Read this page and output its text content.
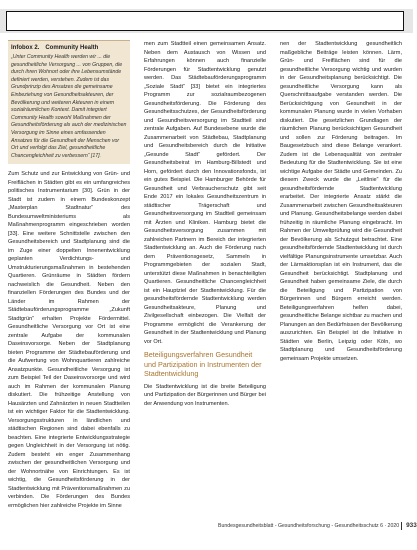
Infobox 2. Community Health

„Unter Community Health werden wir ... die gesundheitliche Versorgung ... von Gruppen, die durch ihren Wohnort oder ihre Lebensumstände definiert werden, verstehen. Zudem ist das Grundprinzip des Ansatzes die gemeinsame Einbeziehung von Gesundheitsakteuren, der Bevölkerung und weiteren Akteuren in einem sozialräumlichen Kontext. Damit integriert Community Health sowohl Maßnahmen der Gesundheitsförderung als auch der medizinischen Versorgung im Sinne eines umfassenden Ansatzes für die Gesundheit der Menschen vor Ort und verfolgt das Ziel, gesundheitliche Chancengleichheit zu verbessern“ [17].

Zum Schutz und zur Entwicklung von Grün- und Freiflächen in Städten gibt es ein umfangreiches politisches Instrumentarium [30]. Grün in der Stadt ist zudem in einem Bundeskonzept „Masterplan Stadtnatur“ des Bundesumweltministeriums als Maßnahmenprogramm eingeschrieben worden [33]. Eine weitere Schnittstelle zwischen den Gesundheitsbereich und Stadtplanung sind die im Zuge einer doppelten Innenentwicklung geplanten Verdichtungs- und Umstrukturierungsmaßnahmen in bestehenden Quartieren. Grünräume in Städten fördern nachweislich die Gesundheit. Neben den finanziellen Förderungen des Bundes und der Länder im Rahmen der Städtebauförderungsprogramme „Zukunft Stadtgrün“ erhalten Projekte Fördermittel. Gesundheitliche Versorgung vor Ort ist eine zentrale Aufgabe der kommunalen Daseinsvorsorge. Neben der Stadtplanung bieten Programme der Städtebauförderung und die Aufwertung von Wohnquartieren zahlreiche Ansatzpunkte. Gesundheitliche Versorgung ist zum Beispiel Teil der Daseinsvorsorge und wird auch im Rahmen der kommunalen Planung diskutiert. Die frühzeitige Anstellung von Hausärzten und Zahnärzten in neuen Stadtteilen ist ein wichtiger Faktor für die Stadtentwicklung. Versorgungsstrukturen in ländlichen und städtischen Regionen sind dabei ebenfalls zu beachten. Eine integrierte Entwicklungsstrategie gegen Ungleichheit in der Versorgung ist nötig. Zudem besteht ein enger Zusammenhang zwischen der gesundheitlichen Versorgung und der Wohnortnähe von Einrichtungen. Es ist wichtig, die Gesundheitsförderung in der Stadtentwicklung mit Präventionsmaßnahmen zu verbinden. Die Förderungen des Bundes ermöglichen hier zahlreiche Projekte im Sinne

men zum Stadtteil einen gemeinsamen Ansatz. Neben dem Austausch von Wissen und Erfahrungen können auch finanzielle Förderungen für Stadtentwicklung genutzt werden. Das Städtebauförderungsprogramm „Soziale Stadt“ [33] bietet ein integriertes Programm zur sozialraumbezogenen Gesundheitsförderung. Die Förderung des Gesundheitsschutzes, der Gesundheitsförderung und Gesundheitsversorgung im Stadtteil sind zentrale Aufgaben. Auf Bundesebene wurde die Zusammenarbeit von Städtebau, Stadtplanung und Gesundheitsbereich durch die Initiative „Gesunde Stadt“ gefördert. Der Gesundheitsbeirat im Hamburg-Billstedt und Horn, gefördert durch den Innovationsfonds, ist ein gutes Beispiel. Die Hamburger Behörde für Gesundheit und Verbraucherschutz gibt seit Ende 2017 ein lokales Gesundheitszentrum in städtischer Trägerschaft und Gesundheitsversorgung im Stadtteil gemeinsam mit Ärzten und Kliniken. Hamburg bietet die Gesundheitsversorgung zusammen mit zahlreichen Partnern im Bereich der integrierten Stadtentwicklung an. Auch die Förderung nach dem Präventionsgesetz, Sammeln in Programmgebieten der sozialen Stadt, unterstützt diese Maßnahmen in benachteiligten Quartieren. Gesundheitliche Chancengleichheit ist ein Hauptziel der Stadtentwicklung. Für die gesundheitsfördernde Stadtentwicklung werden Gesundheitsakteure, Planung und Zivilgesellschaft einbezogen. Die Vielfalt der Programme ermöglicht die Verankerung der Gesundheit in der Stadtentwicklung und Planung vor Ort.

Beteiligungsverfahren Gesundheit und Partizipation in Instrumenten der Stadtentwicklung

Die Stadtentwicklung ist die breite Beteiligung und Partizipation der Bürgerinnen und Bürger bei der Anwendung von Instrumenten.

nen der Stadtentwicklung gesundheitlich maßgebliche Beiträge leisten können. Lärm, Grün- und Freiflächen sind für die gesundheitliche Versorgung wichtig und wurden in der Gesundheitsplanung berücksichtigt. Die gesundheitliche Versorgung kann als Querschnittsaufgabe verstanden werden. Die Berücksichtigung von Gesundheit in der kommunalen Planung wurde in vielen Vorhaben diskutiert. Die gesetzlichen Grundlagen der räumlichen Planung berücksichtigen Gesundheit und sollen zur Förderung beitragen. Im Baugesetzbuch sind diese Belange verankert. Zudem ist die Lebensqualität von zentraler Bedeutung für die Stadtentwicklung. Sie ist eine wichtige Aufgabe der Städte und Gemeinden. Zu diesem Zweck wurde die „Leitlinie“ für die gesundheitsfördernde Stadtentwicklung erarbeitet. Der integrierte Ansatz stärkt die Zusammenarbeit zwischen Gesundheitsakteuren und Planung. Gesundheitsbelange werden dabei frühzeitig in räumliche Planung eingebracht. Im Rahmen der Umweltprüfung wird die Gesundheit der Bevölkerung als Schutzgut betrachtet. Eine gesundheitsfördernde Stadtentwicklung ist durch vielfältige Planungsinstrumente umsetzbar. Auch der Lärmaktionsplan ist ein Instrument, das die Gesundheit berücksichtigt. Stadtplanung und Gesundheit haben gemeinsame Ziele, die durch die Beteiligung und Partizipation von Bürgerinnen und Bürgern erreicht werden. Beteiligungsverfahren helfen dabei, gesundheitliche Belange sichtbar zu machen und Planungen an den Bedürfnissen der Bevölkerung auszurichten. Ein Beispiel ist die Initiative in Städten wie Berlin, Leipzig oder Köln, wo Stadtplanung und Gesundheitsförderung gemeinsam Projekte umsetzen.

Bundesgesundheitsblatt - Gesundheitsforschung - Gesundheitsschutz 6 · 2020 933
